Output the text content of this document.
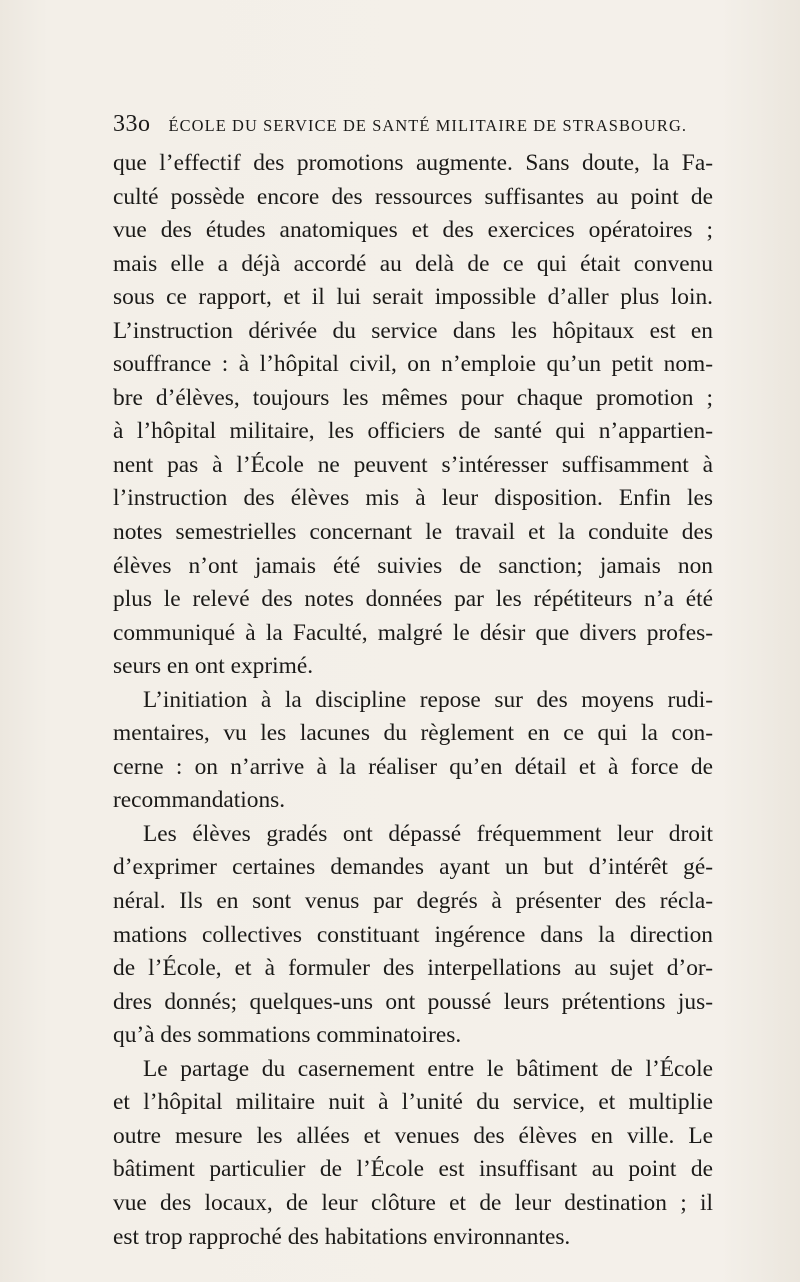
33o ÉCOLE DU SERVICE DE SANTÉ MILITAIRE DE STRASBOURG.
que l’effectif des promotions augmente. Sans doute, la Fa-
culté possède encore des ressources suffisantes au point de
vue des études anatomiques et des exercices opératoires ;
mais elle a déjà accordé au delà de ce qui était convenu
sous ce rapport, et il lui serait impossible d’aller plus loin.
L’instruction dérivée du service dans les hôpitaux est en
souffrance : à l’hôpital civil, on n’emploie qu’un petit nom-
bre d’élèves, toujours les mêmes pour chaque promotion ;
à l’hôpital militaire, les officiers de santé qui n’appartien-
nent pas à l’École ne peuvent s’intéresser suffisamment à
l’instruction des élèves mis à leur disposition. Enfin les
notes semestrielles concernant le travail et la conduite des
élèves n’ont jamais été suivies de sanction; jamais non
plus le relevé des notes données par les répétiteurs n’a été
communiqué à la Faculté, malgré le désir que divers profes-
seurs en ont exprimé.
L’initiation à la discipline repose sur des moyens rudi-
mentaires, vu les lacunes du règlement en ce qui la con-
cerne : on n’arrive à la réaliser qu’en détail et à force de
recommandations.
Les élèves gradés ont dépassé fréquemment leur droit
d’exprimer certaines demandes ayant un but d’intérêt gé-
néral. Ils en sont venus par degrés à présenter des récla-
mations collectives constituant ingérence dans la direction
de l’École, et à formuler des interpellations au sujet d’or-
dres donnés; quelques-uns ont poussé leurs prétentions jus-
qu’à des sommations comminatoires.
Le partage du casernement entre le bâtiment de l’École
et l’hôpital militaire nuit à l’unité du service, et multiplie
outre mesure les allées et venues des élèves en ville. Le
bâtiment particulier de l’École est insuffisant au point de
vue des locaux, de leur clôture et de leur destination ; il
est trop rapproché des habitations environnantes.
